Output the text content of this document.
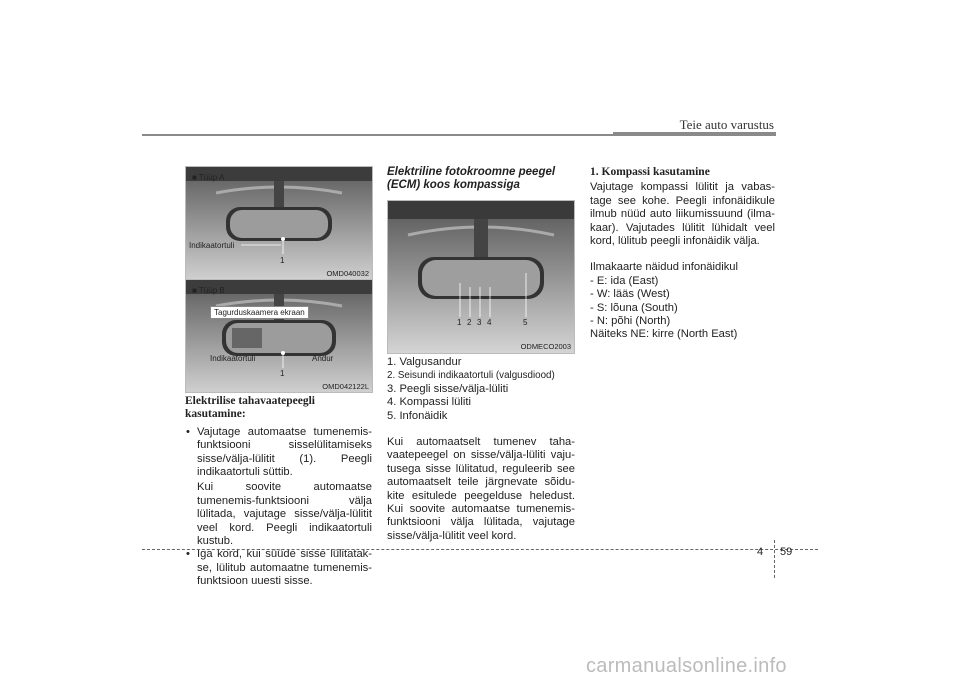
Teie auto varustus
■ Tüüp A
Indikaatortuli
1
OMD040032
■ Tüüp B
Tagurduskaamera ekraan
Indikaatortuli	Andur
1
OMD042122L

Elektrilise tahavaatepeegli kasutamine:

• Vajutage automaatse tumenemis-funktsiooni sisselülitamiseks sisse/välja-lülitit (1). Peegli indikaatortuli süttib.

Kui soovite automaatse tumenemis-funktsiooni välja lülitada, vajutage sisse/välja-lülitit veel kord. Peegli indikaatortuli kustub.

• Iga kord, kui süüde sisse lülitatak-se, lülitub automaatne tumenemis-funktsioon uuesti sisse.

Elektriline fotokroomne peegel (ECM) koos kompassiga

1 2 3 4	5
ODMECO2003

1. Valgusandur

2. Seisundi indikaatortuli (valgusdiood)

3. Peegli sisse/välja-lüliti

4. Kompassi lüliti

5. Infonäidik

Kui automaatselt tumenev taha-vaatepeegel on sisse/välja-lüliti vaju-tusega sisse lülitatud, reguleerib see automaatselt teile järgnevate sõidu-kite esitulede peegelduse heledust. Kui soovite automaatse tumenemis-funktsiooni välja lülitada, vajutage sisse/välja-lülitit veel kord.

1. Kompassi kasutamine

Vajutage kompassi lülitit ja vabas-tage see kohe. Peegli infonäidikule ilmub nüüd auto liikumissuund (ilma-kaar). Vajutades lülitit lühidalt veel kord, lülitub peegli infonäidik välja.

Ilmakaarte näidud infonäidikul

- E: ida (East)

- W: lääs (West)

- S: lõuna (South)

- N: põhi (North)

Näiteks NE: kirre (North East)

4 59
carmanualsonline.info
